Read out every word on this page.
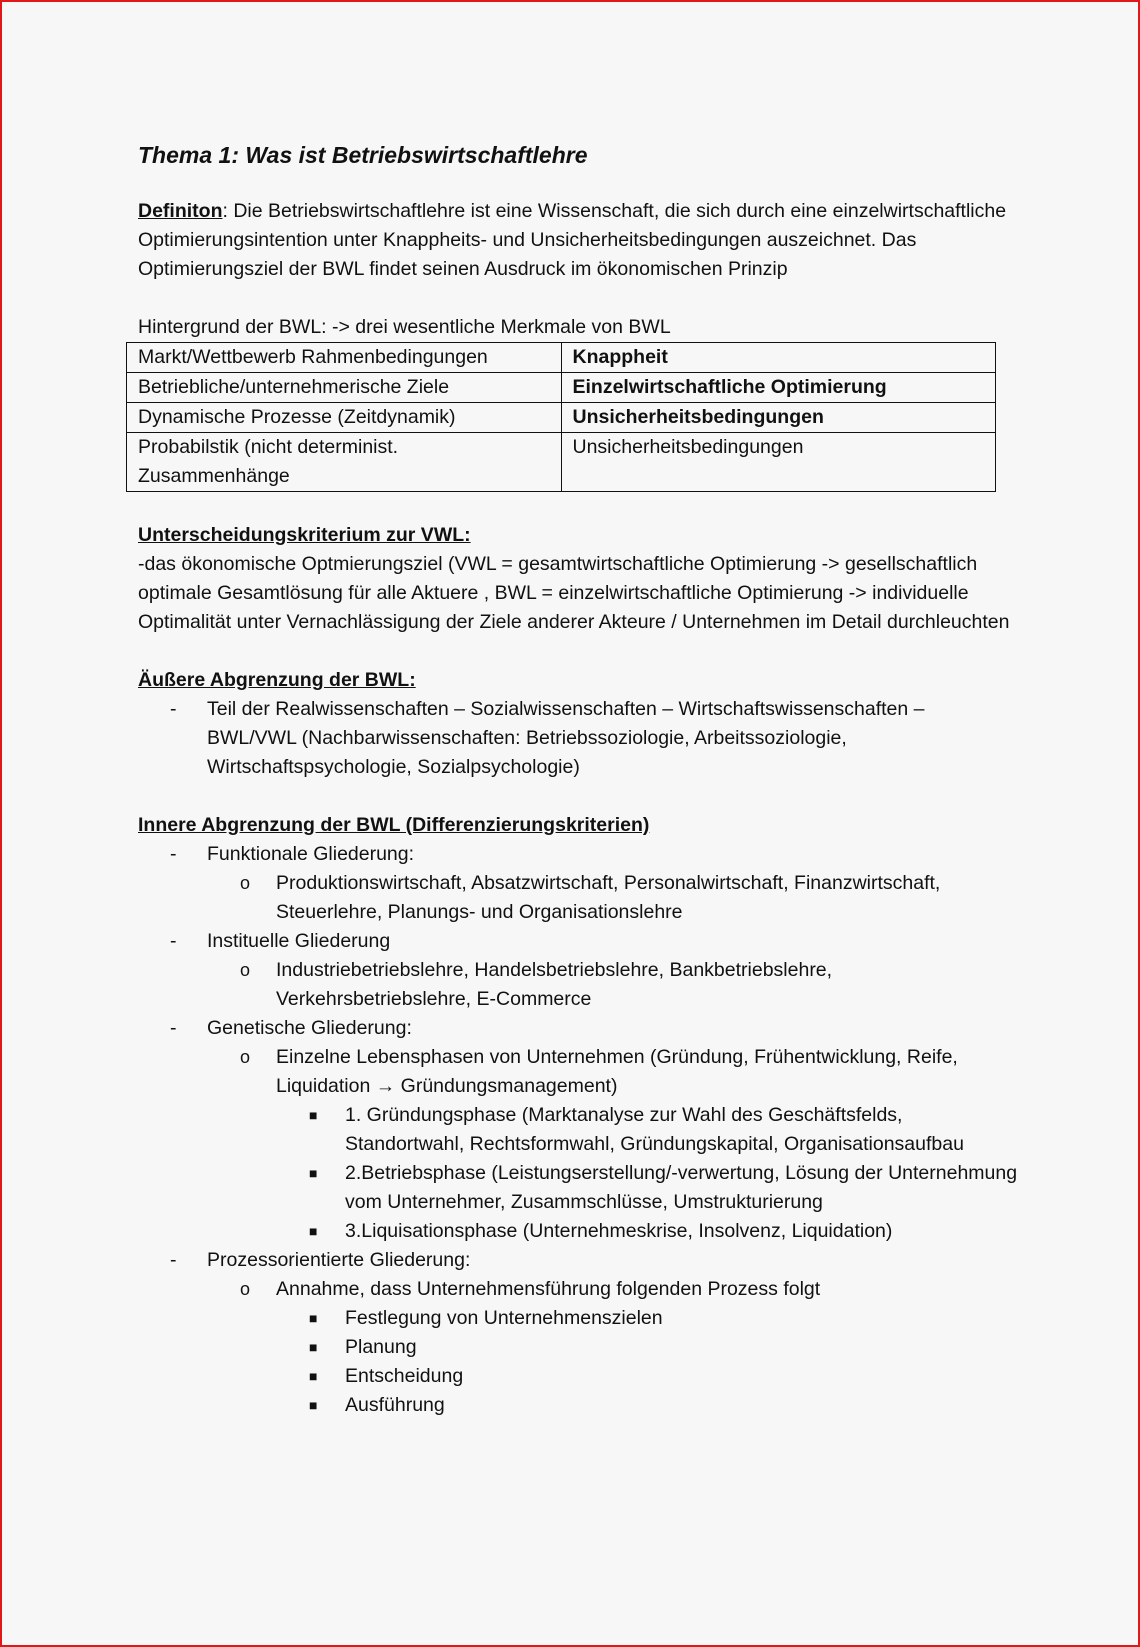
Thema 1: Was ist Betriebswirtschaftlehre

Definiton: Die Betriebswirtschaftlehre ist eine Wissenschaft, die sich durch eine einzelwirtschaftliche Optimierungsintention unter Knappheits- und Unsicherheitsbedingungen auszeichnet. Das Optimierungsziel der BWL findet seinen Ausdruck im ökonomischen Prinzip

Hintergrund der BWL: -> drei wesentliche Merkmale von BWL

Markt/Wettbewerb Rahmenbedingungen	Knappheit
Betriebliche/unternehmerische Ziele	Einzelwirtschaftliche Optimierung
Dynamische Prozesse (Zeitdynamik)	Unsicherheitsbedingungen
Probabilstik (nicht determinist. Zusammenhänge	Unsicherheitsbedingungen

Unterscheidungskriterium zur VWL:

-das ökonomische Optmierungsziel (VWL = gesamtwirtschaftliche Optimierung -> gesellschaftlich optimale Gesamtlösung für alle Aktuere , BWL = einzelwirtschaftliche Optimierung -> individuelle Optimalität unter Vernachlässigung der Ziele anderer Akteure / Unternehmen im Detail durchleuchten

Äußere Abgrenzung der BWL:

- Teil der Realwissenschaften – Sozialwissenschaften – Wirtschaftswissenschaften – BWL/VWL (Nachbarwissenschaften: Betriebssoziologie, Arbeitssoziologie, Wirtschaftspsychologie, Sozialpsychologie)

Innere Abgrenzung der BWL (Differenzierungskriterien)

- Funktionale Gliederung:
o Produktionswirtschaft, Absatzwirtschaft, Personalwirtschaft, Finanzwirtschaft, Steuerlehre, Planungs- und Organisationslehre
- Instituelle Gliederung
o Industriebetriebslehre, Handelsbetriebslehre, Bankbetriebslehre, Verkehrsbetriebslehre, E-Commerce
- Genetische Gliederung:
o Einzelne Lebensphasen von Unternehmen (Gründung, Frühentwicklung, Reife, Liquidation → Gründungsmanagement)
■ 1. Gründungsphase (Marktanalyse zur Wahl des Geschäftsfelds, Standortwahl, Rechtsformwahl, Gründungskapital, Organisationsaufbau
■ 2.Betriebsphase (Leistungserstellung/-verwertung, Lösung der Unternehmung vom Unternehmer, Zusammschlüsse, Umstrukturierung
■ 3.Liquisationsphase (Unternehmeskrise, Insolvenz, Liquidation)
- Prozessorientierte Gliederung:
o Annahme, dass Unternehmensführung folgenden Prozess folgt
■ Festlegung von Unternehmenszielen
■ Planung
■ Entscheidung
■ Ausführung
